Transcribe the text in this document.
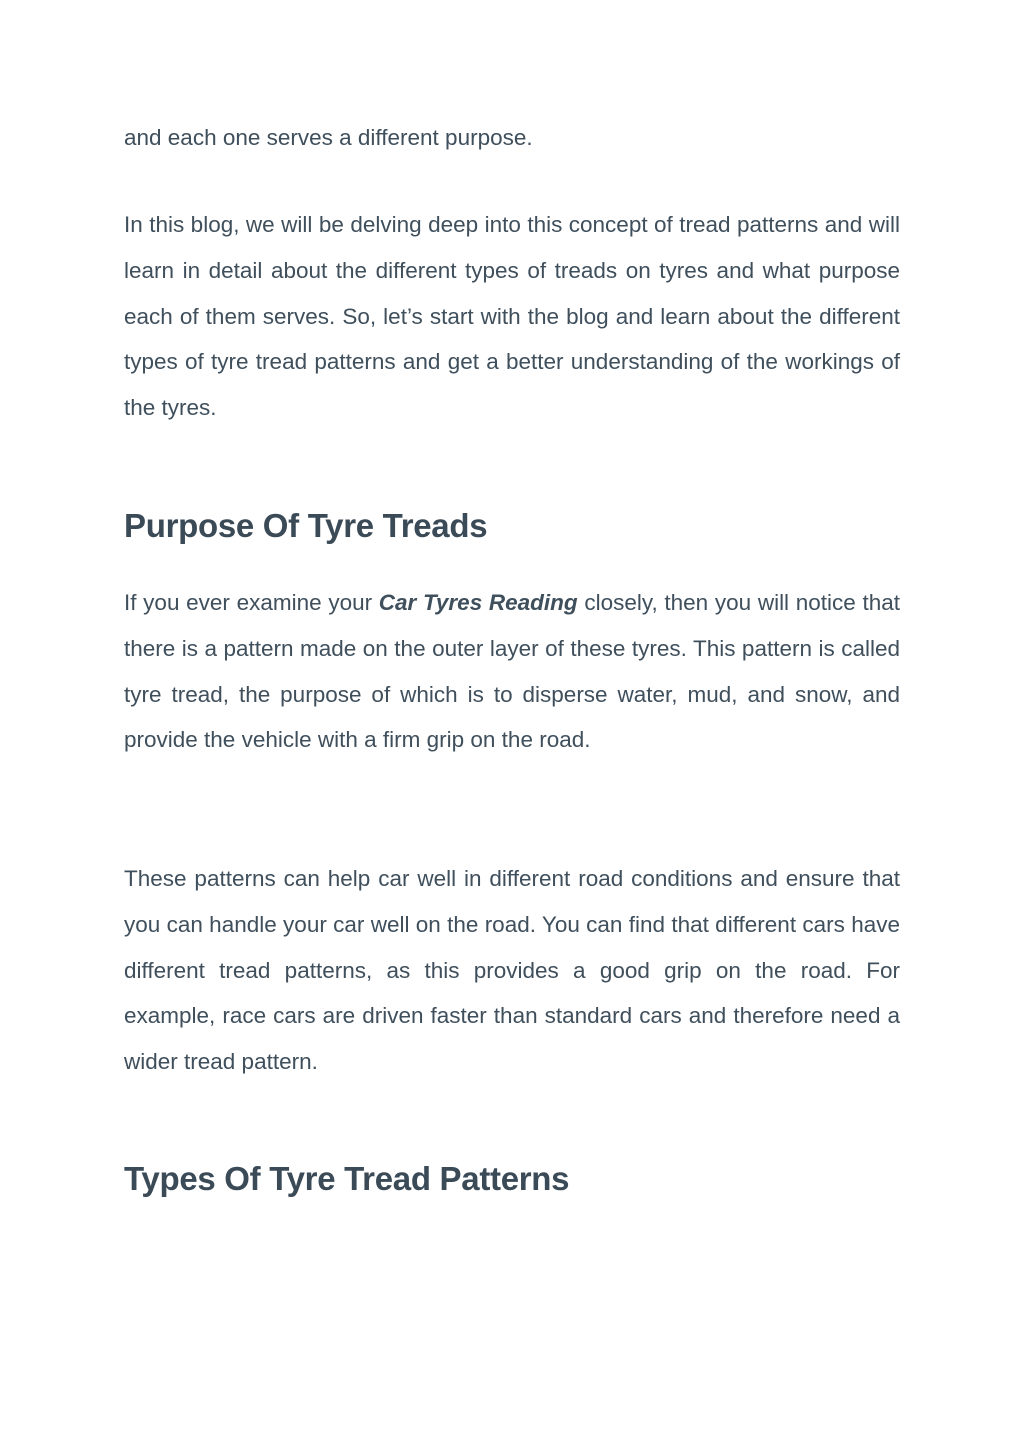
and each one serves a different purpose.

In this blog, we will be delving deep into this concept of tread patterns and will learn in detail about the different types of treads on tyres and what purpose each of them serves. So, let’s start with the blog and learn about the different types of tyre tread patterns and get a better understanding of the workings of the tyres.

Purpose Of Tyre Treads

If you ever examine your Car Tyres Reading closely, then you will notice that there is a pattern made on the outer layer of these tyres. This pattern is called tyre tread, the purpose of which is to disperse water, mud, and snow, and provide the vehicle with a firm grip on the road.

These patterns can help car well in different road conditions and ensure that you can handle your car well on the road. You can find that different cars have different tread patterns, as this provides a good grip on the road. For example, race cars are driven faster than standard cars and therefore need a wider tread pattern.

Types Of Tyre Tread Patterns
